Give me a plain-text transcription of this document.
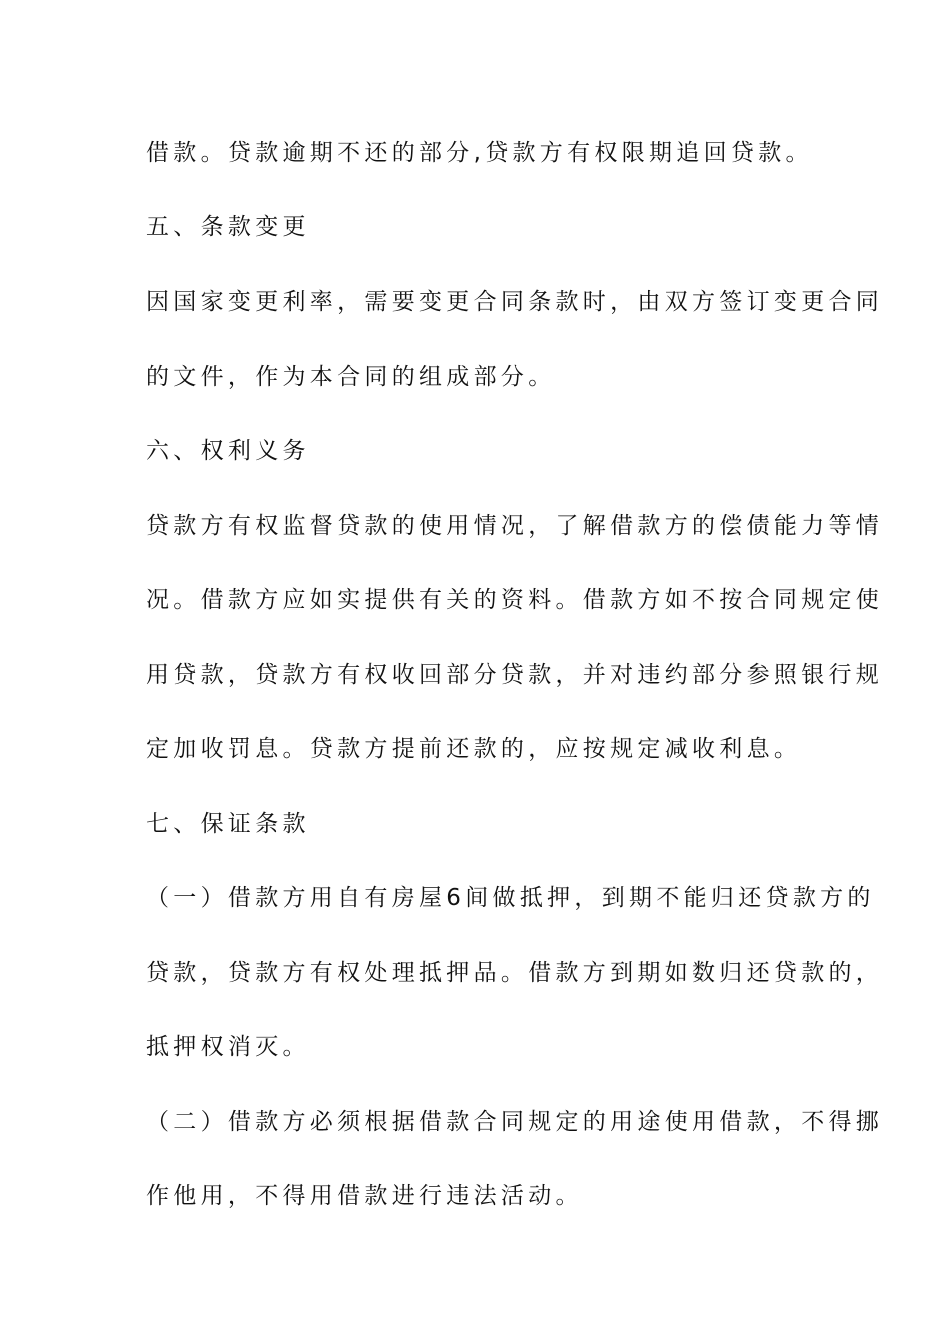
借款。贷款逾期不还的部分,贷款方有权限期追回贷款。
五、条款变更
因国家变更利率，需要变更合同条款时，由双方签订变更合同
的文件，作为本合同的组成部分。
六、权利义务
贷款方有权监督贷款的使用情况，了解借款方的偿债能力等情
况。借款方应如实提供有关的资料。借款方如不按合同规定使
用贷款，贷款方有权收回部分贷款，并对违约部分参照银行规
定加收罚息。贷款方提前还款的，应按规定减收利息。
七、保证条款
（一）借款方用自有房屋6间做抵押，到期不能归还贷款方的
贷款，贷款方有权处理抵押品。借款方到期如数归还贷款的，
抵押权消灭。
（二）借款方必须根据借款合同规定的用途使用借款，不得挪
作他用，不得用借款进行违法活动。
